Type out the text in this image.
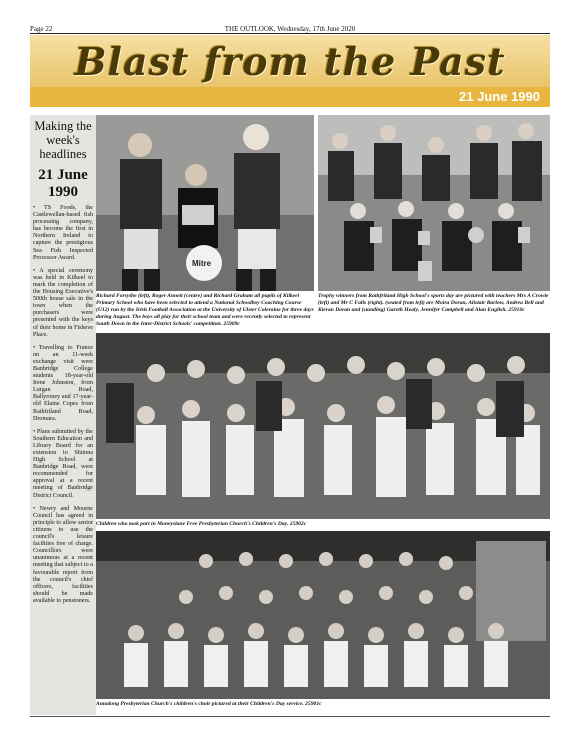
Page 22	THE OUTLOOK, Wednesday, 17th June 2020
Blast from the Past
21 June 1990
Making the week's headlines
21 June 1990
• TS Foods, the Castlewellan-based fish processing company, has become the first in Northern Ireland to capture the prestigious Sea Fish Inspected Processor Award.
• A special ceremony was held in Kilkeel to mark the completion of the Housing Executive's 500th house sale in the town when the purchasers were presented with the keys of their home in Fisheve Place.
• Travelling to France on an 11-week exchange visit were Banbridge College students 18-year-old Irene Johnston, from Lurgan Road, Ballyroney and 17-year-old Elaine Copes from Rathfriland Road, Dromara.
• Plans submitted by the Southern Education and Library Board for an extension to Shimna High School at Banbridge Road, were recommended for approval at a recent meeting of Banbridge District Council.
• Newry and Mourne Council has agreed in principle to allow senior citizens to use the council's leisure facilities free of charge. Councillors were unanimous at a recent meeting that subject to a favourable report from the council's chief officers, facilities should be made available to pensioners.
Mitre
Richard Forsythe (left), Roger Annett (centre) and Richard Graham all pupils of Kilkeel Primary School who have been selected to attend a National Schoolboy Coaching Course (U12) run by the Irish Football Association at the University of Ulster Coleraine for three days during August. The boys all play for their school team and were recently selected to represent South Down in the Inter-District Schools' competition. 25909c
Trophy winners from Rathfriland High School's sports day are pictured with teachers Mrs A Crowie (left) and Mr C Falls (right). (seated from left) are Moira Doran, Alistair Barlow, Andrea Bell and Kieran Doran and (standing) Gareth Healy, Jennifer Campbell and Alan English. 25910c
Children who took part in Moneyslane Free Presbyterian Church's Children's Day. 25902c
Annalong Presbyterian Church's children's choir pictured at their Children's Day service. 25901c
